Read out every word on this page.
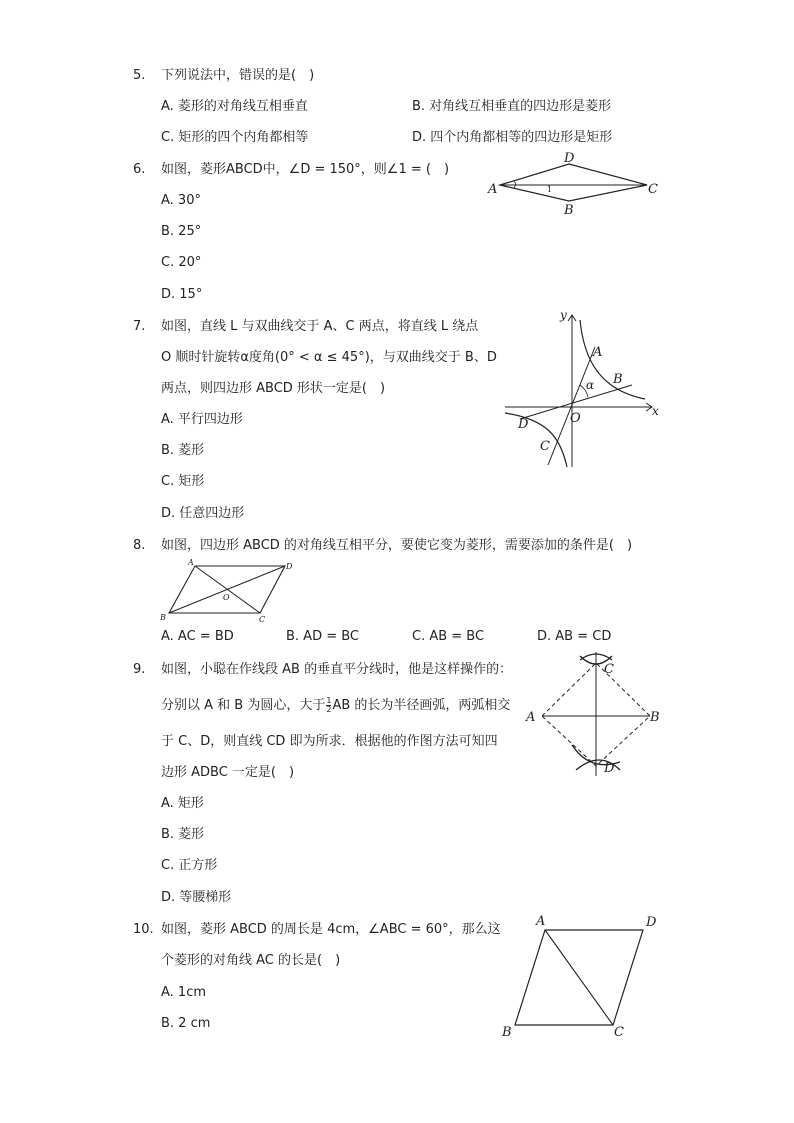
5. 下列说法中，错误的是(　)
A. 菱形的对角线互相垂直	B. 对角线互相垂直的四边形是菱形
C. 矩形的四个内角都相等	D. 四个内角都相等的四边形是矩形
6. 如图，菱形ABCD中，∠D = 150°，则∠1 = (　)
A. 30°
B. 25°
C. 20°
D. 15°
A
D
C
B
1
7. 如图，直线 L 与双曲线交于 A、C 两点，将直线 L 绕点
O 顺时针旋转α度角(0° < α ≤ 45°)，与双曲线交于 B、D
两点，则四边形 ABCD 形状一定是(　)
A. 平行四边形
B. 菱形
C. 矩形
D. 任意四边形
y
x
O
A
B
C
D
α
8. 如图，四边形 ABCD 的对角线互相平分，要使它变为菱形，需要添加的条件是(　)
A	D
B	C
O
A. AC = BD	B. AD = BC	C. AB = BC	D. AB = CD
9. 如图，小聪在作线段 AB 的垂直平分线时，他是这样操作的：
分别以 A 和 B 为圆心，大于 $\frac{1}{2}$ AB 的长为半径画弧，两弧相交
于 C、D，则直线 CD 即为所求．根据他的作图方法可知四
边形 ADBC 一定是(　)
A. 矩形
B. 菱形
C. 正方形
D. 等腰梯形
A	B
C
D
10. 如图，菱形 ABCD 的周长是 4cm，∠ABC = 60°，那么这
个菱形的对角线 AC 的长是(　)
A. 1cm
B. 2 cm
A	D
B	C
